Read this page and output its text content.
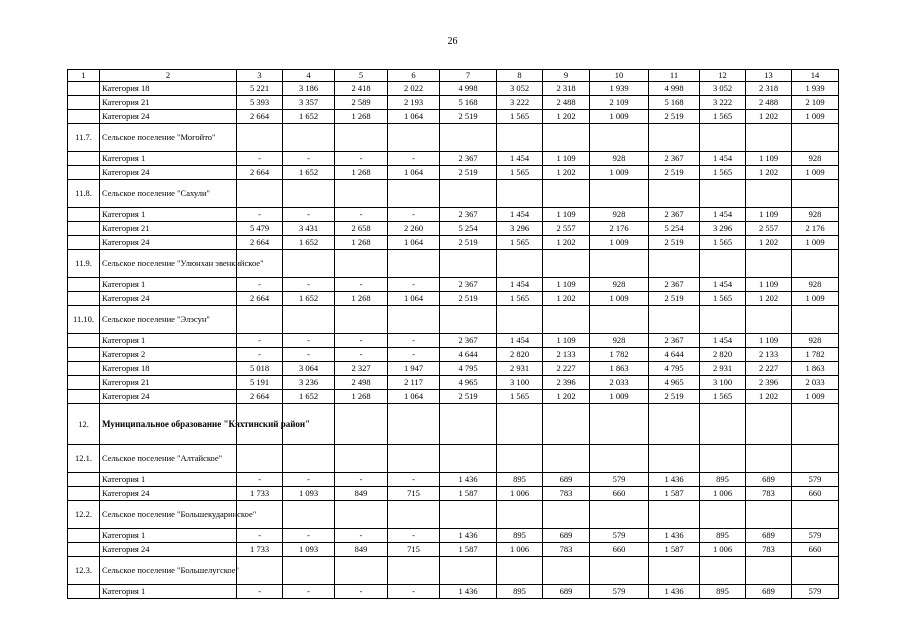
26
1	2	3	4	5	6	7	8	9	10	11	12	13	14
	Категория 18	5 221	3 186	2 418	2 022	4 998	3 052	2 318	1 939	4 998	3 052	2 318	1 939
	Категория 21	5 393	3 357	2 589	2 193	5 168	3 222	2 488	2 109	5 168	3 222	2 488	2 109
	Категория 24	2 664	1 652	1 268	1 064	2 519	1 565	1 202	1 009	2 519	1 565	1 202	1 009
11.7.	Сельское поселение "Могойто"												
	Категория 1	-	-	-	-	2 367	1 454	1 109	928	2 367	1 454	1 109	928
	Категория 24	2 664	1 652	1 268	1 064	2 519	1 565	1 202	1 009	2 519	1 565	1 202	1 009
11.8.	Сельское поселение "Сахули"												
	Категория 1	-	-	-	-	2 367	1 454	1 109	928	2 367	1 454	1 109	928
	Категория 21	5 479	3 431	2 658	2 260	5 254	3 296	2 557	2 176	5 254	3 296	2 557	2 176
	Категория 24	2 664	1 652	1 268	1 064	2 519	1 565	1 202	1 009	2 519	1 565	1 202	1 009
11.9.	Сельское поселение "Улюнхан эвенкийское"												
	Категория 1	-	-	-	-	2 367	1 454	1 109	928	2 367	1 454	1 109	928
	Категория 24	2 664	1 652	1 268	1 064	2 519	1 565	1 202	1 009	2 519	1 565	1 202	1 009
11.10.	Сельское поселение "Элэсун"												
	Категория 1	-	-	-	-	2 367	1 454	1 109	928	2 367	1 454	1 109	928
	Категория 2	-	-	-	-	4 644	2 820	2 133	1 782	4 644	2 820	2 133	1 782
	Категория 18	5 018	3 064	2 327	1 947	4 795	2 931	2 227	1 863	4 795	2 931	2 227	1 863
	Категория 21	5 191	3 236	2 498	2 117	4 965	3 100	2 396	2 033	4 965	3 100	2 396	2 033
	Категория 24	2 664	1 652	1 268	1 064	2 519	1 565	1 202	1 009	2 519	1 565	1 202	1 009
12.	Муниципальное образование "Кяхтинский район"												
12.1.	Сельское поселение "Алтайское"												
	Категория 1	-	-	-	-	1 436	895	689	579	1 436	895	689	579
	Категория 24	1 733	1 093	849	715	1 587	1 006	783	660	1 587	1 006	783	660
12.2.	Сельское поселение "Большекударинское"												
	Категория 1	-	-	-	-	1 436	895	689	579	1 436	895	689	579
	Категория 24	1 733	1 093	849	715	1 587	1 006	783	660	1 587	1 006	783	660
12.3.	Сельское поселение "Большелугское"												
	Категория 1	-	-	-	-	1 436	895	689	579	1 436	895	689	579
